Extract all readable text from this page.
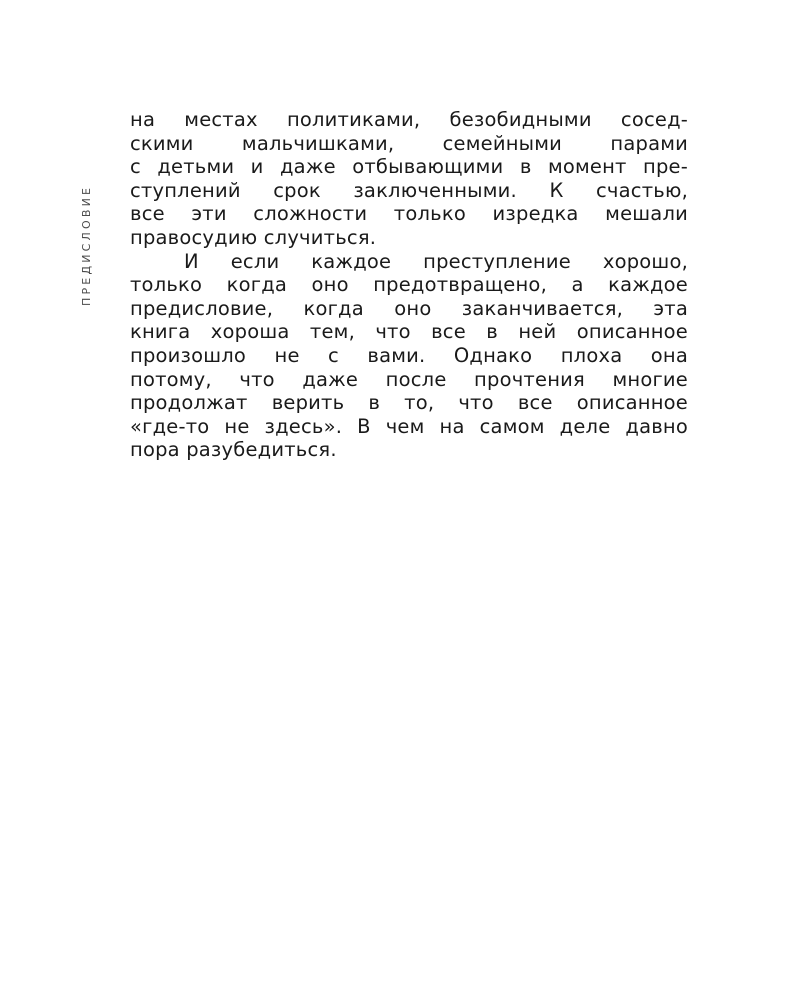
ПРЕДИСЛОВИЕ
на местах политиками, безобидными сосед-
скими мальчишками, семейными парами
с детьми и даже отбывающими в момент пре-
ступлений срок заключенными. К счастью,
все эти сложности только изредка мешали
правосудию случиться.
И если каждое преступление хорошо,
только когда оно предотвращено, а каждое
предисловие, когда оно заканчивается, эта
книга хороша тем, что все в ней описанное
произошло не с вами. Однако плоха она
потому, что даже после прочтения многие
продолжат верить в то, что все описанное
«где-то не здесь». В чем на самом деле давно
пора разубедиться.
